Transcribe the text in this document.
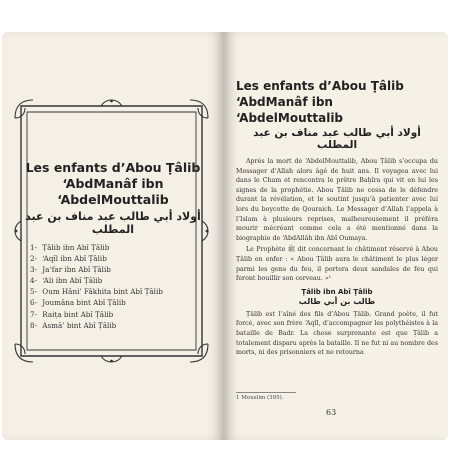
Les enfants d’Abou Ṭâlib

‘AbdManâf ibn ‘AbdelMouttalib

أولاد أبي طالب عبد مناف بن عبد المطلب

1- Ṭâlib ibn Abî Ṭâlib
2- ‘Aqîl ibn Abî Ṭâlib
3- Ja‘far ibn Abî Ṭâlib
4- ‘Ali ibn Abî Ṭâlib
5- Oum Hâni’ Fâkhita bint Abî Ṭâlib
6- Joumâna bint Abî Ṭâlib
7- Raiṭa bint Abî Ṭâlib
8- Asmâ’ bint Abî Ṭâlib

Les enfants d’Abou Ṭâlib

‘AbdManâf ibn ‘AbdelMouttalib

أولاد أبي طالب عبد مناف بن عبد المطلب

Après la mort de ‘AbdelMouttalib, Abou Ṭâlib s’occupa du Messager d’Allah alors âgé de huit ans. Il voyagea avec lui dans le Cham et rencontra le prêtre Baḥîra qui vit en lui les signes de la prophétie. Abou Ṭâlib ne cessa de le défendre durant la révélation, et le soutint jusqu’à patienter avec lui lors du boycotte de Qouraich. Le Messager d’Allah l’appela à l’Islam à plusieurs reprises, malheureusement il préféra mourir mécréant comme cela a été mentionné dans la biographie de ‘AbdAllâh ibn Abî Oumaya.

Le Prophète ﷺ dit concernant le châtiment réservé à Abou Ṭâlib en enfer : « Abou Ṭâlib aura le châtiment le plus léger parmi les gens du feu, il portera deux sandales de feu qui feront bouillir son cerveau. »¹

Ṭâlib ibn Abî Ṭâlib

طالب بن أبي طالب

Ṭâlib est l’aîné des fils d’Abou Ṭâlib. Grand poète, il fut forcé, avec son frère ‘Aqîl, d’accompagner les polythéistes à la bataille de Badr. La chose surprenante est que Ṭâlib a totalement disparu après la bataille. Il ne fut ni au nombre des morts, ni des prisonniers et ne retourna

1 Mouslim (395).
63
